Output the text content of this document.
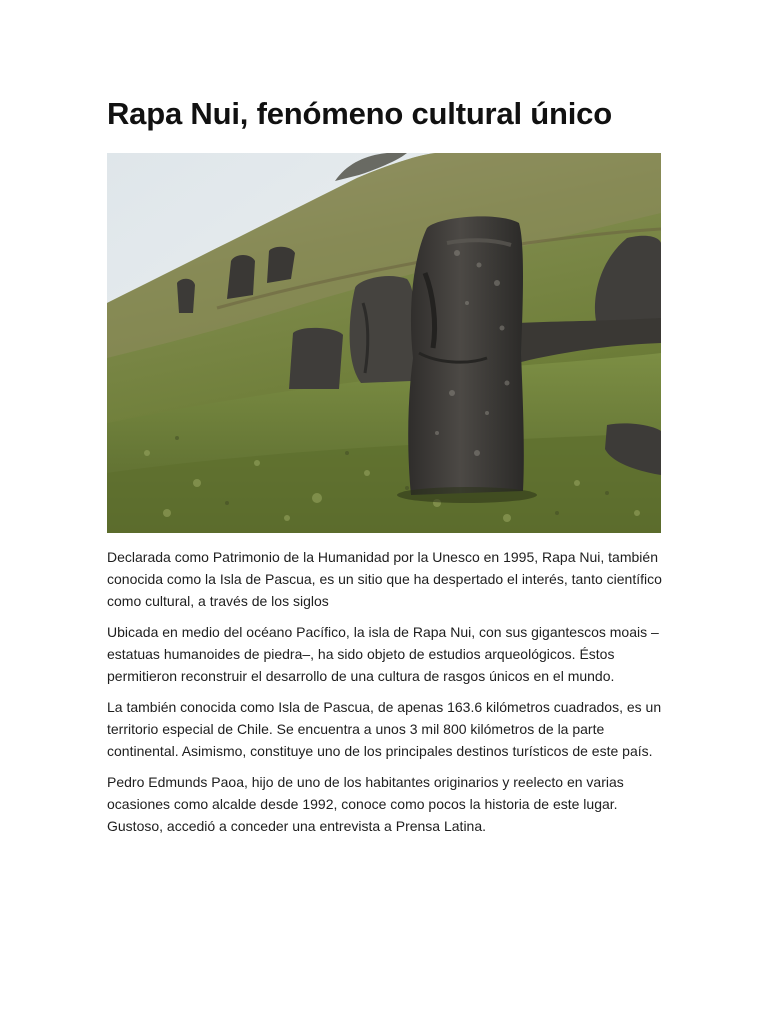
Rapa Nui, fenómeno cultural único

Declarada como Patrimonio de la Humanidad por la Unesco en 1995, Rapa Nui, también conocida como la Isla de Pascua, es un sitio que ha despertado el interés, tanto científico como cultural, a través de los siglos

Ubicada en medio del océano Pacífico, la isla de Rapa Nui, con sus gigantescos moais –estatuas humanoides de piedra–, ha sido objeto de estudios arqueológicos. Éstos permitieron reconstruir el desarrollo de una cultura de rasgos únicos en el mundo.

La también conocida como Isla de Pascua, de apenas 163.6 kilómetros cuadrados, es un territorio especial de Chile. Se encuentra a unos 3 mil 800 kilómetros de la parte continental. Asimismo, constituye uno de los principales destinos turísticos de este país.

Pedro Edmunds Paoa, hijo de uno de los habitantes originarios y reelecto en varias ocasiones como alcalde desde 1992, conoce como pocos la historia de este lugar. Gustoso, accedió a conceder una entrevista a Prensa Latina.
